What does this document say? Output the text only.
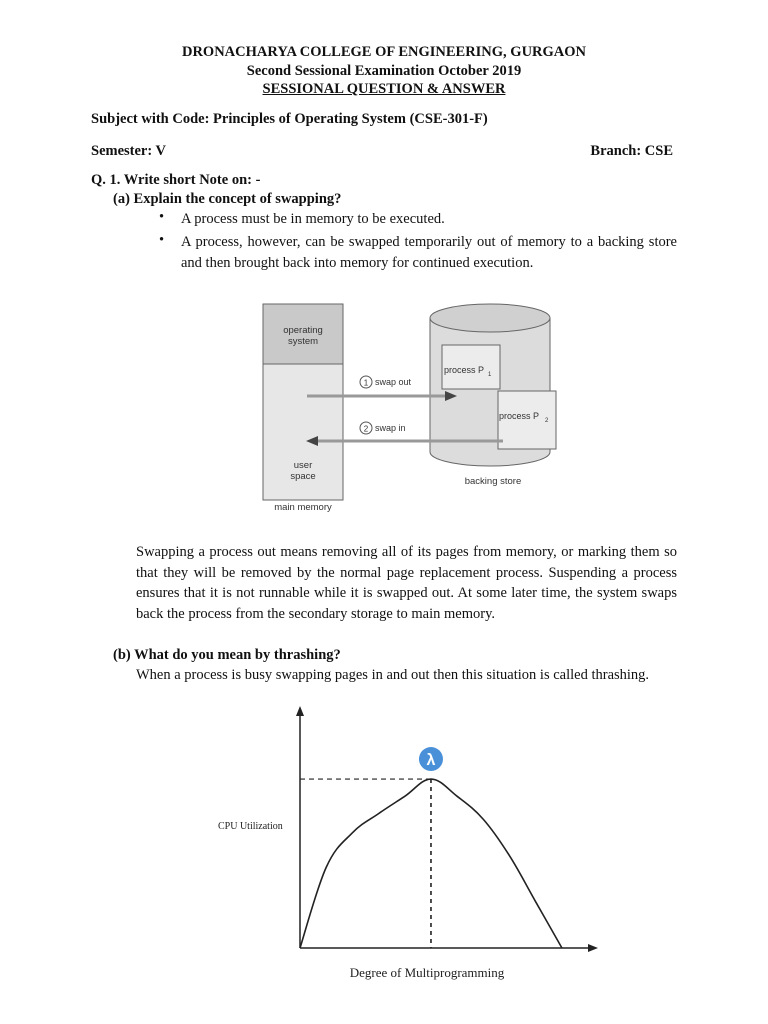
DRONACHARYA COLLEGE OF ENGINEERING, GURGAON
Second Sessional Examination October 2019
SESSIONAL QUESTION & ANSWER
Subject with Code: Principles of Operating System (CSE-301-F)
Semester: V	Branch: CSE
Q. 1. Write short Note on: -
(a) Explain the concept of swapping?
• A process must be in memory to be executed.
• A process, however, can be swapped temporarily out of memory to a backing store and then brought back into memory for continued execution.
operating
system
user
space
main memory
backing store
process P 1
process P 2
1 swap out
2 swap in
Swapping a process out means removing all of its pages from memory, or marking them so that they will be removed by the normal page replacement process. Suspending a process ensures that it is not runnable while it is swapped out. At some later time, the system swaps back the process from the secondary storage to main memory.
(b) What do you mean by thrashing?
When a process is busy swapping pages in and out then this situation is called thrashing.
λ
CPU Utilization
Degree of Multiprogramming
